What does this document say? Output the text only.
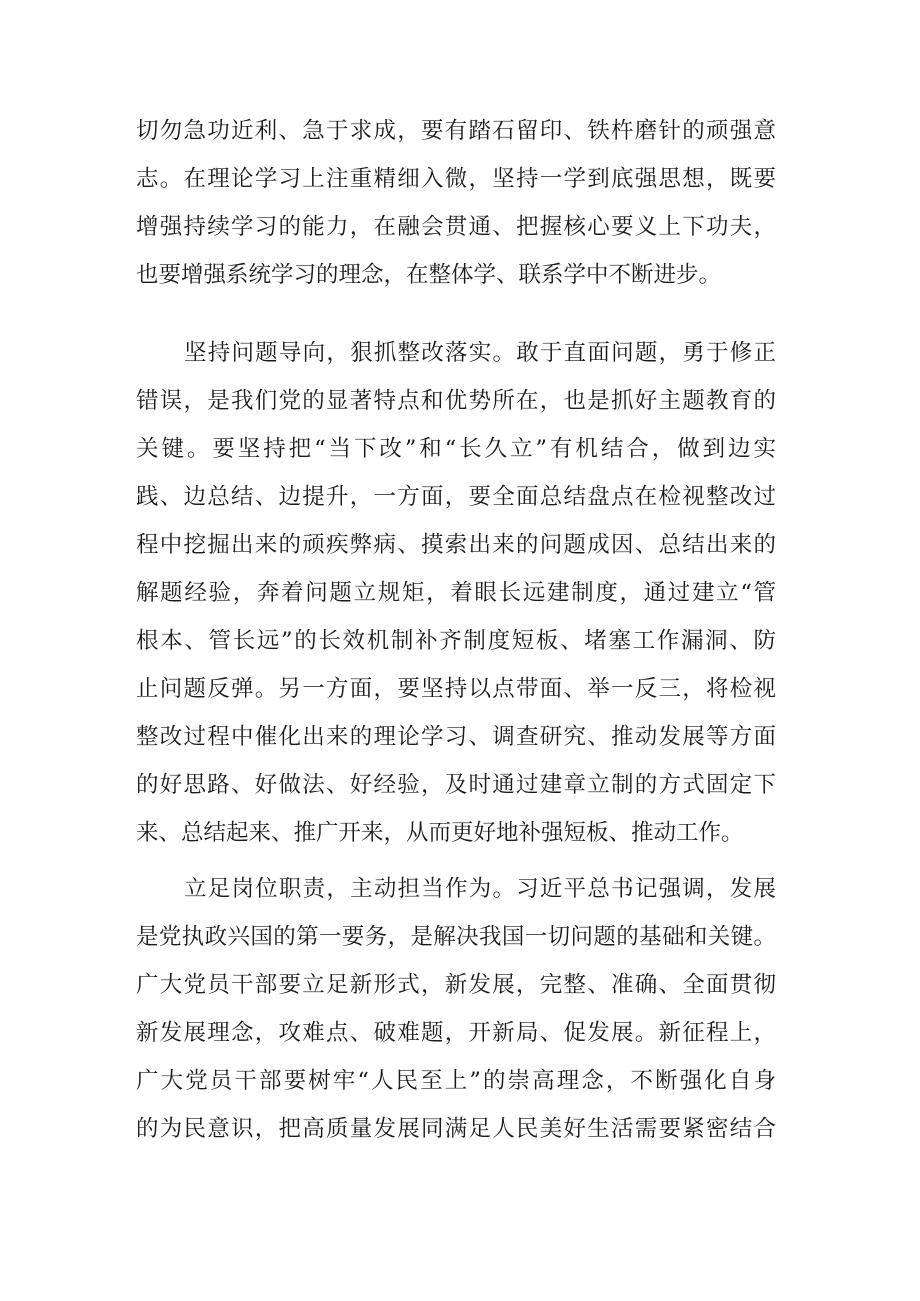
切勿急功近利、急于求成，要有踏石留印、铁杵磨针的顽强意

志。在理论学习上注重精细入微，坚持一学到底强思想，既要

增强持续学习的能力，在融会贯通、把握核心要义上下功夫，

也要增强系统学习的理念，在整体学、联系学中不断进步。

坚持问题导向，狠抓整改落实。敢于直面问题，勇于修正

错误，是我们党的显著特点和优势所在，也是抓好主题教育的

关键。要坚持把“当下改”和“长久立”有机结合，做到边实

践、边总结、边提升，一方面，要全面总结盘点在检视整改过

程中挖掘出来的顽疾弊病、摸索出来的问题成因、总结出来的

解题经验，奔着问题立规矩，着眼长远建制度，通过建立“管

根本、管长远”的长效机制补齐制度短板、堵塞工作漏洞、防

止问题反弹。另一方面，要坚持以点带面、举一反三，将检视

整改过程中催化出来的理论学习、调查研究、推动发展等方面

的好思路、好做法、好经验，及时通过建章立制的方式固定下

来、总结起来、推广开来，从而更好地补强短板、推动工作。

立足岗位职责，主动担当作为。习近平总书记强调，发展

是党执政兴国的第一要务，是解决我国一切问题的基础和关键。

广大党员干部要立足新形式，新发展，完整、准确、全面贯彻

新发展理念，攻难点、破难题，开新局、促发展。新征程上，

广大党员干部要树牢“人民至上”的崇高理念，不断强化自身

的为民意识，把高质量发展同满足人民美好生活需要紧密结合
